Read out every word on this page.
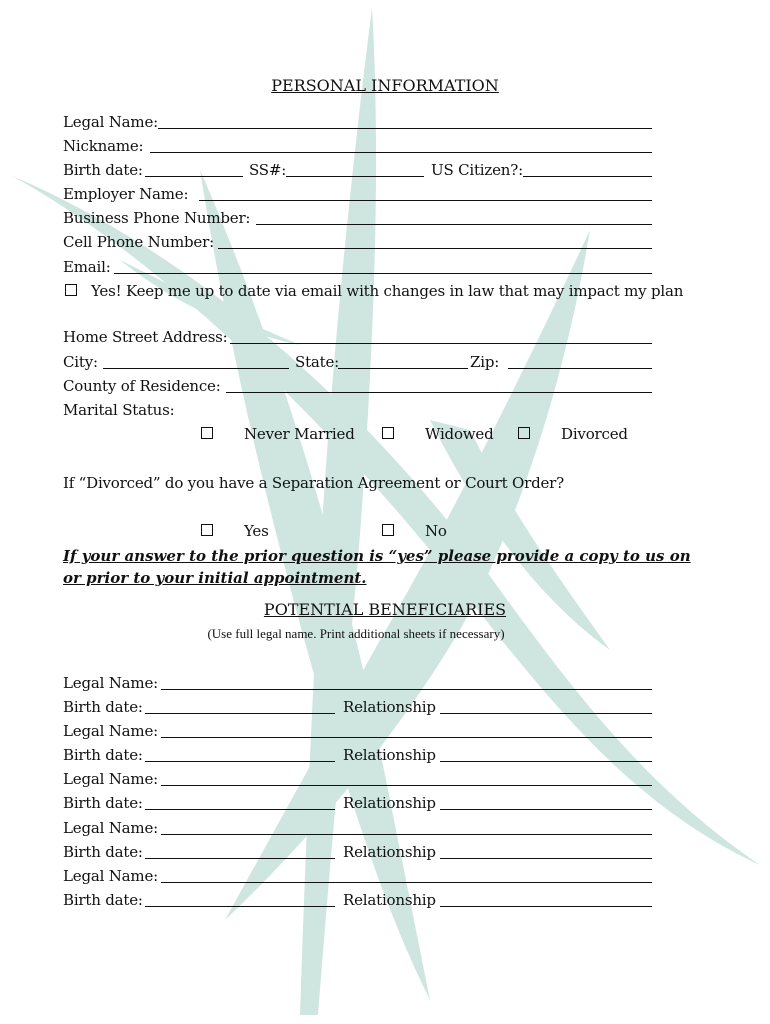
PERSONAL INFORMATION
Legal Name:
Nickname:
Birth date:	SS#:	US Citizen?:
Employer Name:
Business Phone Number:
Cell Phone Number:
Email:
Yes! Keep me up to date via email with changes in law that may impact my plan
Home Street Address:
City:	State:	Zip:
County of Residence:
Marital Status:
Never Married	Widowed	Divorced
If “Divorced” do you have a Separation Agreement or Court Order?
Yes	No
If your answer to the prior question is “yes” please provide a copy to us on or prior to your initial appointment.
POTENTIAL BENEFICIARIES
(Use full legal name. Print additional sheets if necessary)
Legal Name:
Birth date:	Relationship
Legal Name:
Birth date:	Relationship
Legal Name:
Birth date:	Relationship
Legal Name:
Birth date:	Relationship
Legal Name:
Birth date:	Relationship
